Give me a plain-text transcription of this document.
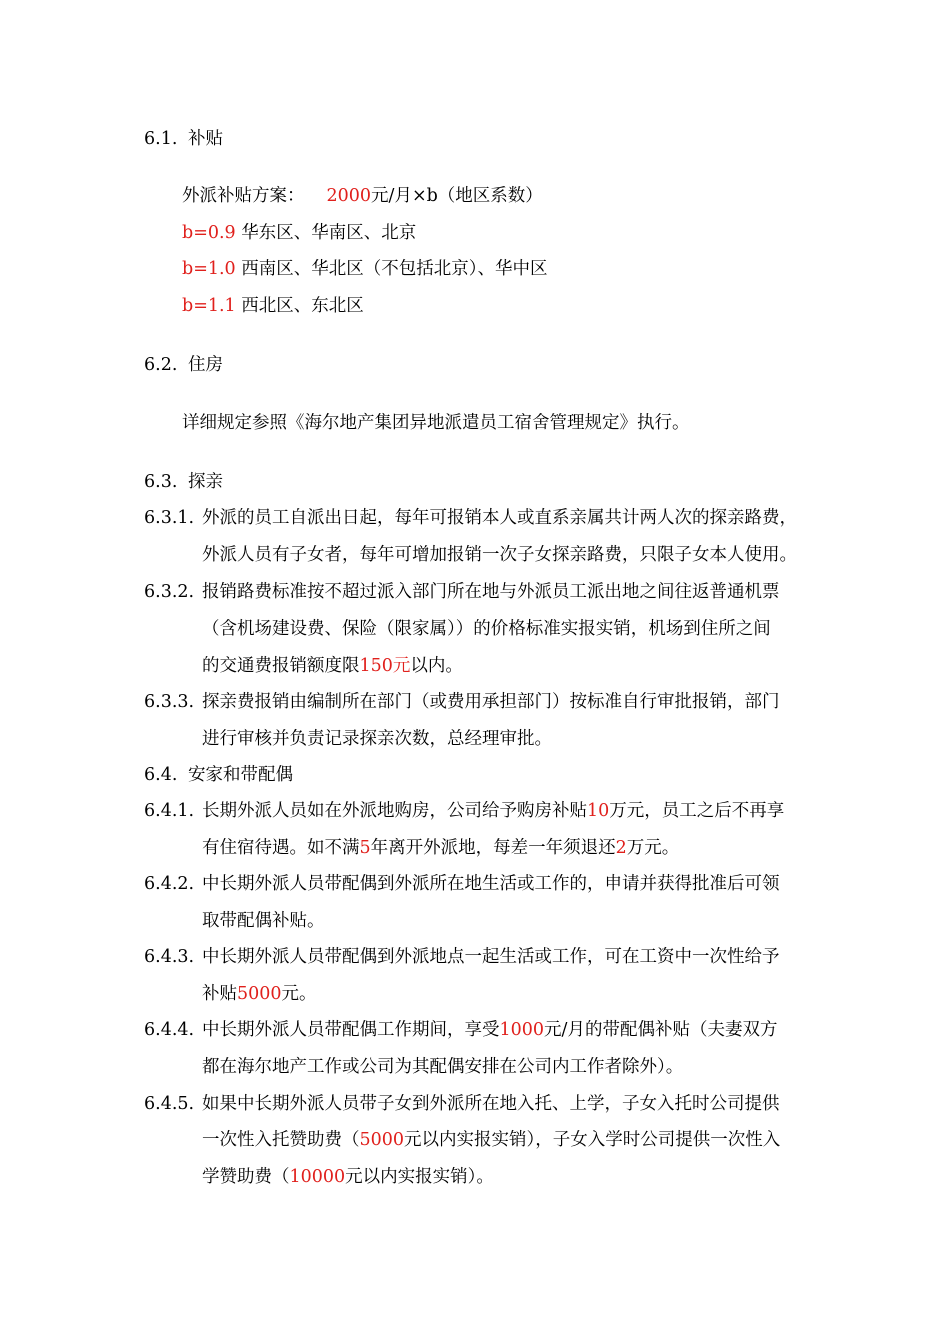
6.1. 补贴
外派补贴方案： 2000元/月×b（地区系数）
b=0.9 华东区、华南区、北京
b=1.0 西南区、华北区（不包括北京）、华中区
b=1.1 西北区、东北区
6.2. 住房
详细规定参照《海尔地产集团异地派遣员工宿舍管理规定》执行。
6.3. 探亲
6.3.1. 外派的员工自派出日起，每年可报销本人或直系亲属共计两人次的探亲路费，
外派人员有子女者，每年可增加报销一次子女探亲路费，只限子女本人使用。
6.3.2. 报销路费标准按不超过派入部门所在地与外派员工派出地之间往返普通机票
（含机场建设费、保险（限家属））的价格标准实报实销，机场到住所之间
的交通费报销额度限150元以内。
6.3.3. 探亲费报销由编制所在部门（或费用承担部门）按标准自行审批报销，部门
进行审核并负责记录探亲次数，总经理审批。
6.4. 安家和带配偶
6.4.1. 长期外派人员如在外派地购房，公司给予购房补贴10万元，员工之后不再享
有住宿待遇。如不满5年离开外派地，每差一年须退还2万元。
6.4.2. 中长期外派人员带配偶到外派所在地生活或工作的，申请并获得批准后可领
取带配偶补贴。
6.4.3. 中长期外派人员带配偶到外派地点一起生活或工作，可在工资中一次性给予
补贴5000元。
6.4.4. 中长期外派人员带配偶工作期间，享受1000元/月的带配偶补贴（夫妻双方
都在海尔地产工作或公司为其配偶安排在公司内工作者除外）。
6.4.5. 如果中长期外派人员带子女到外派所在地入托、上学，子女入托时公司提供
一次性入托赞助费（5000元以内实报实销），子女入学时公司提供一次性入
学赞助费（10000元以内实报实销）。
